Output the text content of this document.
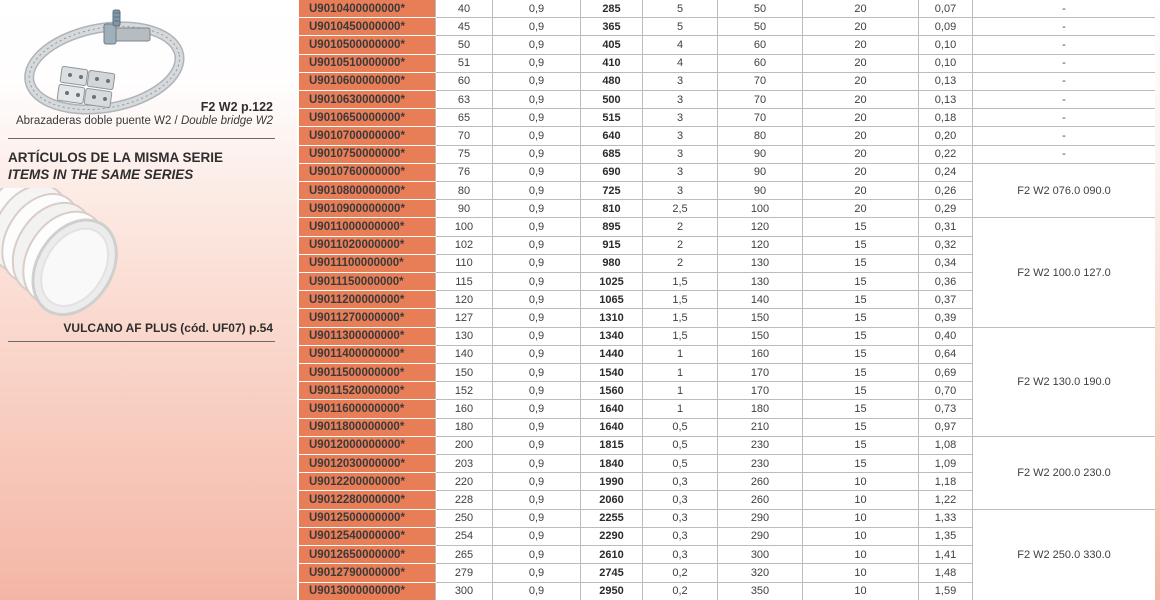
F2 W2 p.122
Abrazaderas doble puente W2 / Double bridge W2
ARTÍCULOS DE LA MISMA SERIE
ITEMS IN THE SAME SERIES
VULCANO AF PLUS (cód. UF07) p.54
U9010400000000*	40	0,9	285	5	50	20	0,07	-
U9010450000000*	45	0,9	365	5	50	20	0,09	-
U9010500000000*	50	0,9	405	4	60	20	0,10	-
U9010510000000*	51	0,9	410	4	60	20	0,10	-
U9010600000000*	60	0,9	480	3	70	20	0,13	-
U9010630000000*	63	0,9	500	3	70	20	0,13	-
U9010650000000*	65	0,9	515	3	70	20	0,18	-
U9010700000000*	70	0,9	640	3	80	20	0,20	-
U9010750000000*	75	0,9	685	3	90	20	0,22	-
U9010760000000*	76	0,9	690	3	90	20	0,24	F2 W2 076.0 090.0
U9010800000000*	80	0,9	725	3	90	20	0,26	
U9010900000000*	90	0,9	810	2,5	100	20	0,29	
U9011000000000*	100	0,9	895	2	120	15	0,31	F2 W2 100.0 127.0
U9011020000000*	102	0,9	915	2	120	15	0,32	
U9011100000000*	110	0,9	980	2	130	15	0,34	
U9011150000000*	115	0,9	1025	1,5	130	15	0,36	
U9011200000000*	120	0,9	1065	1,5	140	15	0,37	
U9011270000000*	127	0,9	1310	1,5	150	15	0,39	
U9011300000000*	130	0,9	1340	1,5	150	15	0,40	F2 W2 130.0 190.0
U9011400000000*	140	0,9	1440	1	160	15	0,64	
U9011500000000*	150	0,9	1540	1	170	15	0,69	
U9011520000000*	152	0,9	1560	1	170	15	0,70	
U9011600000000*	160	0,9	1640	1	180	15	0,73	
U9011800000000*	180	0,9	1640	0,5	210	15	0,97	
U9012000000000*	200	0,9	1815	0,5	230	15	1,08	F2 W2 200.0 230.0
U9012030000000*	203	0,9	1840	0,5	230	15	1,09	
U9012200000000*	220	0,9	1990	0,3	260	10	1,18	
U9012280000000*	228	0,9	2060	0,3	260	10	1,22	
U9012500000000*	250	0,9	2255	0,3	290	10	1,33	F2 W2 250.0 330.0
U9012540000000*	254	0,9	2290	0,3	290	10	1,35	
U9012650000000*	265	0,9	2610	0,3	300	10	1,41	
U9012790000000*	279	0,9	2745	0,2	320	10	1,48	
U9013000000000*	300	0,9	2950	0,2	350	10	1,59	
